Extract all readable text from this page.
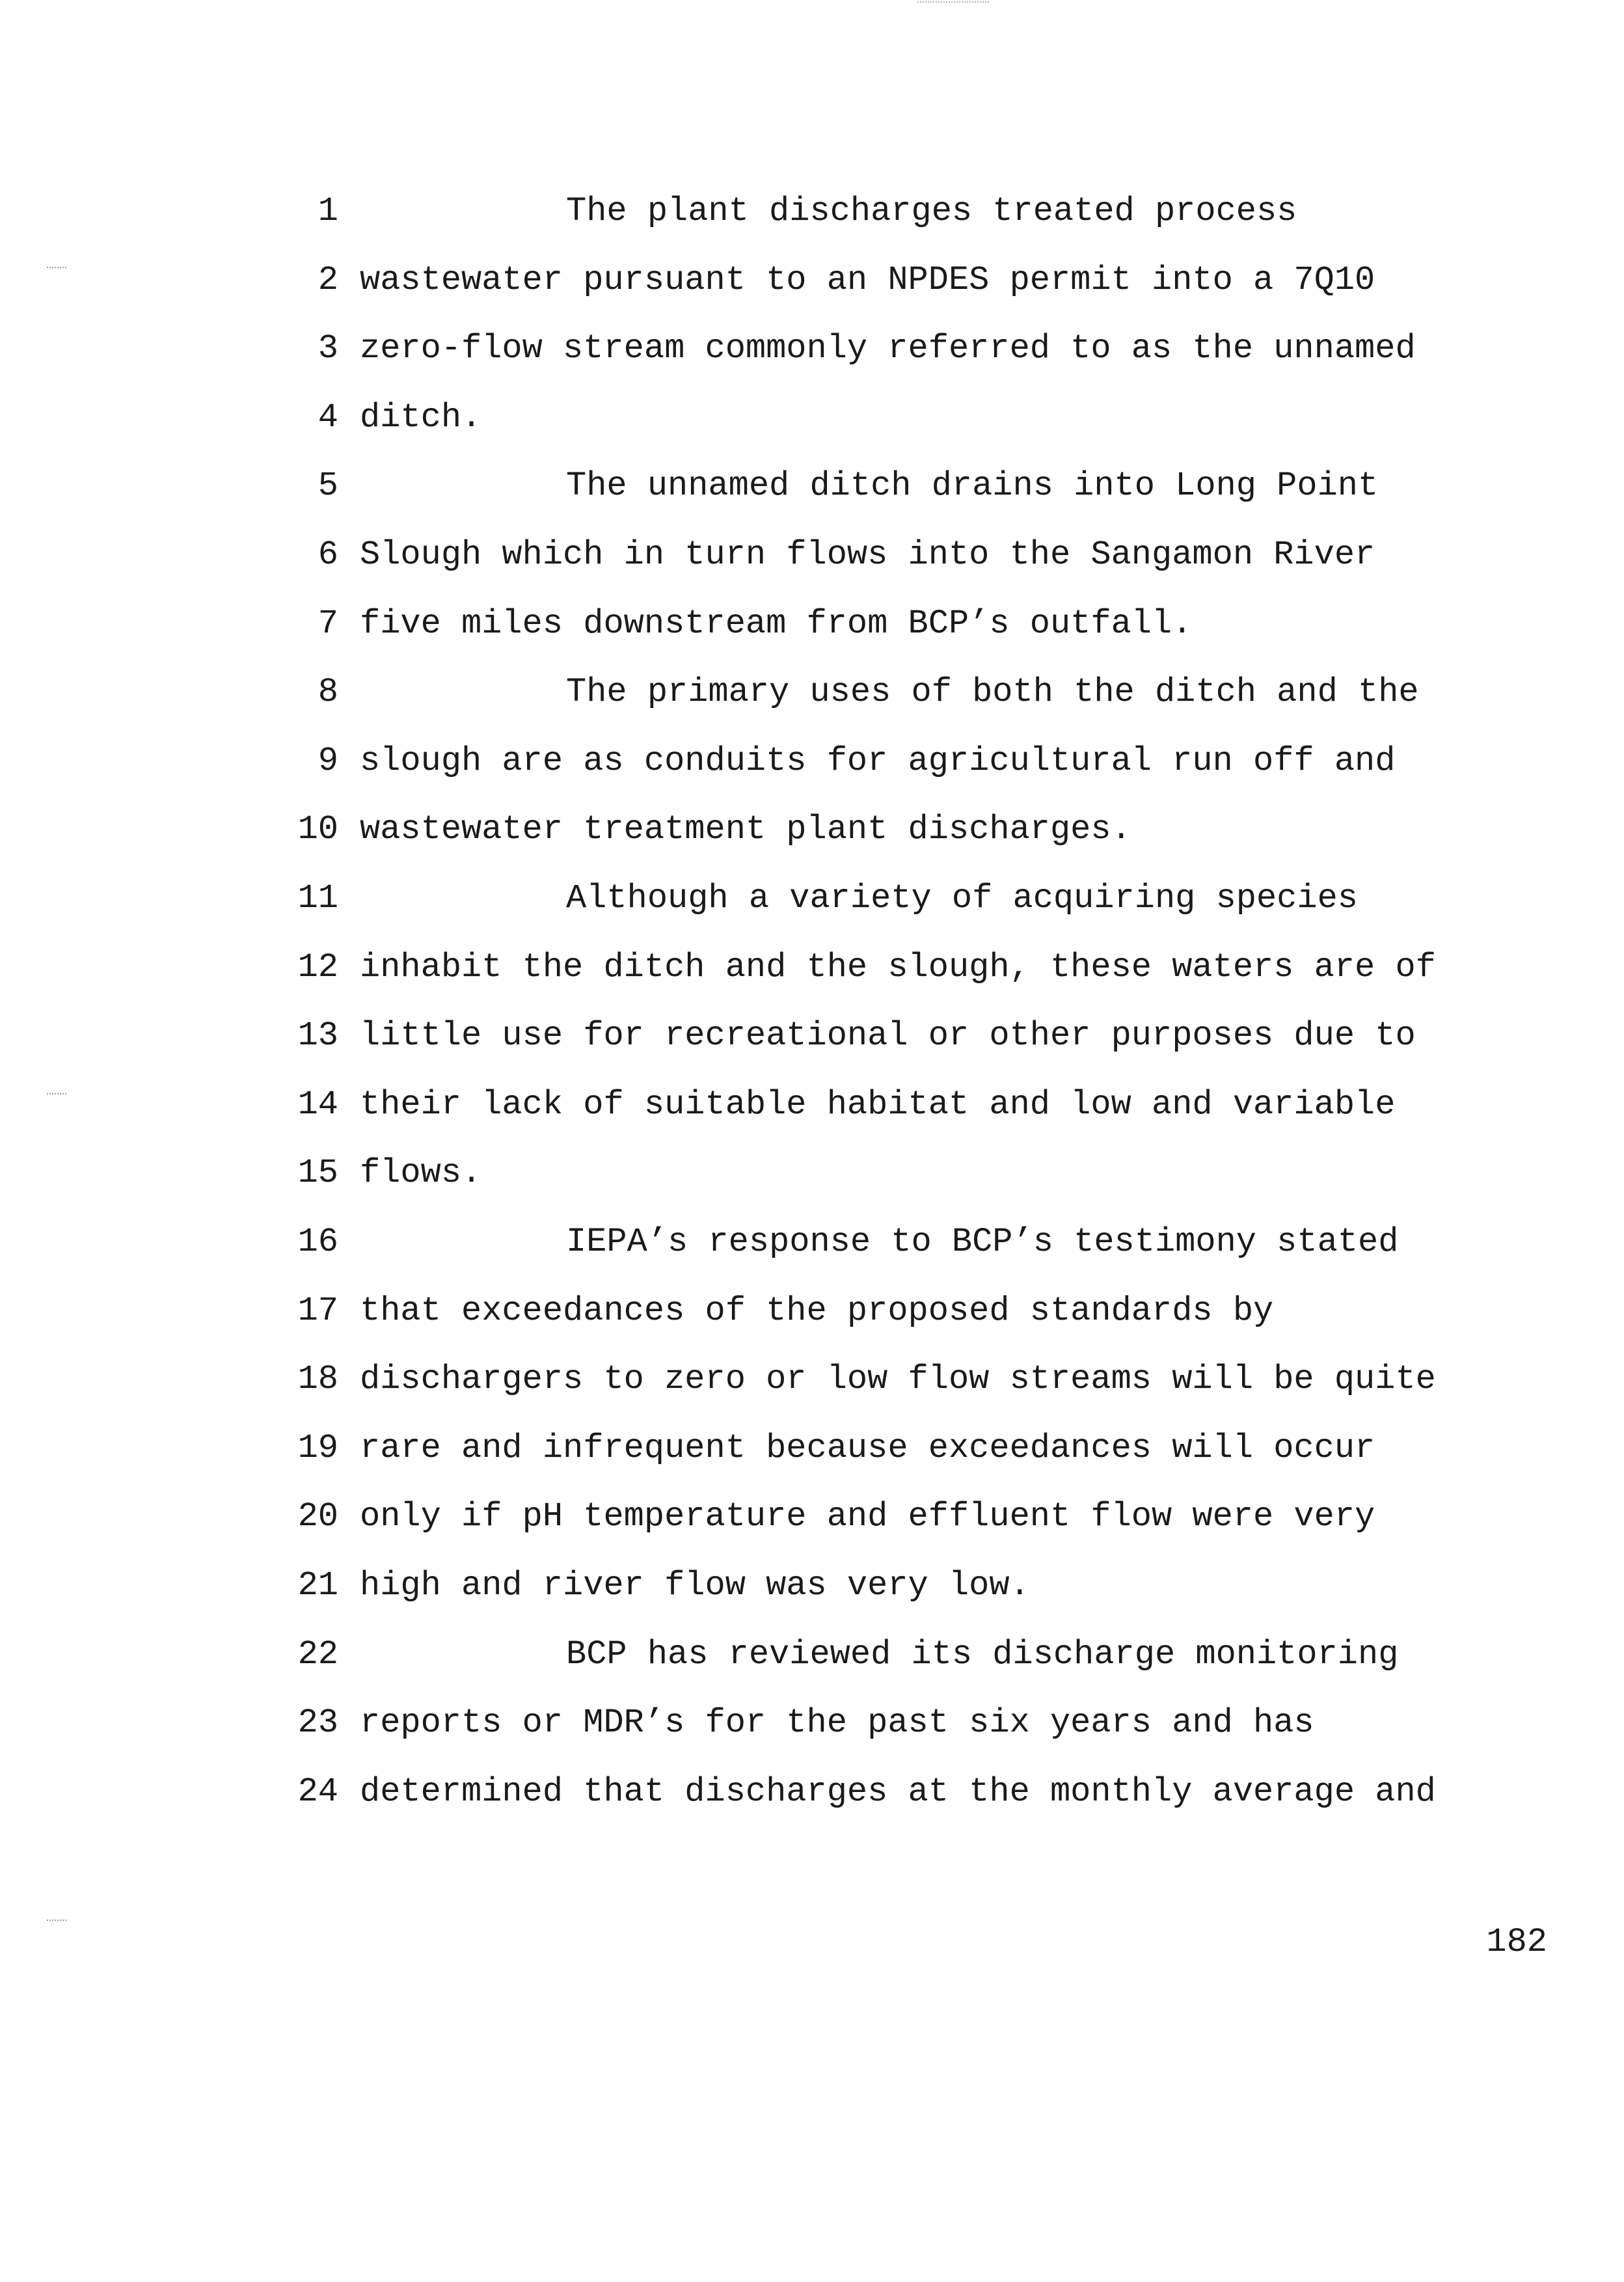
1	The plant discharges treated process
2 wastewater pursuant to an NPDES permit into a 7Q10
3 zero-flow stream commonly referred to as the unnamed
4 ditch.
5	The unnamed ditch drains into Long Point
6 Slough which in turn flows into the Sangamon River
7 five miles downstream from BCP’s outfall.
8	The primary uses of both the ditch and the
9 slough are as conduits for agricultural run off and
10 wastewater treatment plant discharges.
11	Although a variety of acquiring species
12 inhabit the ditch and the slough, these waters are of
13 little use for recreational or other purposes due to
14 their lack of suitable habitat and low and variable
15 flows.
16	IEPA’s response to BCP’s testimony stated
17 that exceedances of the proposed standards by
18 dischargers to zero or low flow streams will be quite
19 rare and infrequent because exceedances will occur
20 only if pH temperature and effluent flow were very
21 high and river flow was very low.
22	BCP has reviewed its discharge monitoring
23 reports or MDR’s for the past six years and has
24 determined that discharges at the monthly average and
182
